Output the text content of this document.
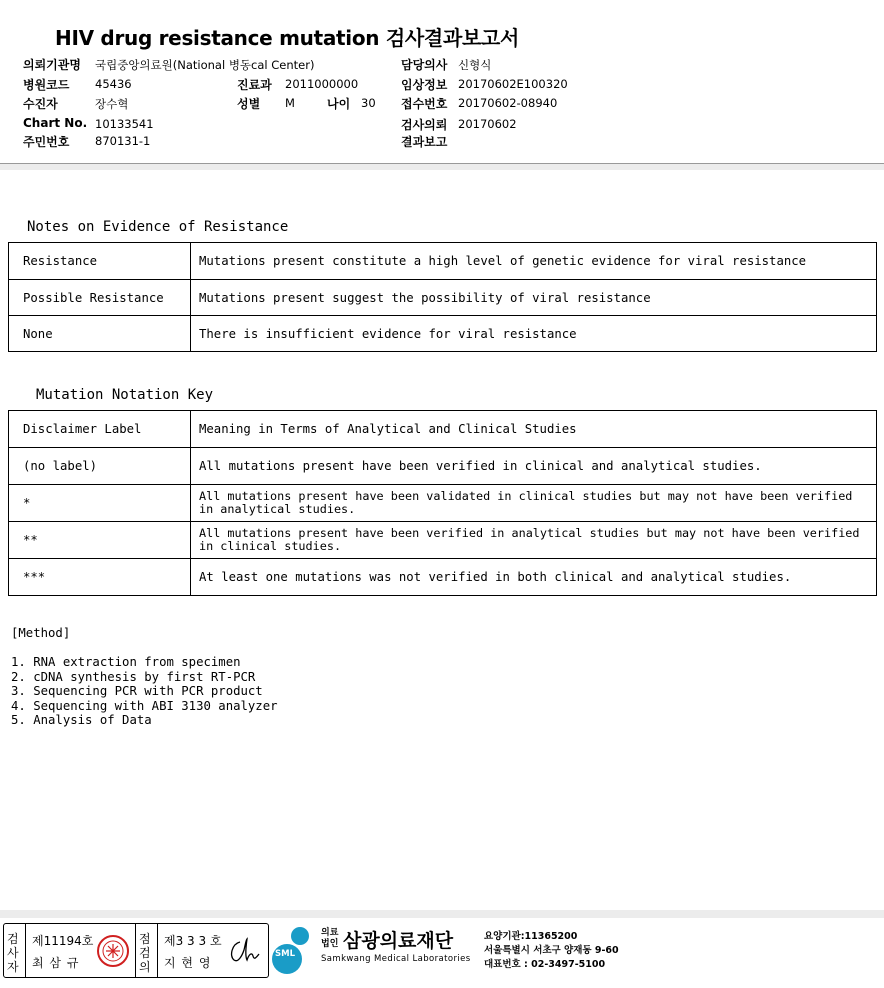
HIV drug resistance mutation 검사결과보고서
의뢰기관명 국립중앙의료원(National 병동cal Center)
병원코드 45436	진료과 2011000000
수진자	장수혁	성별 M	나이 30
Chart No. 10133541
주민번호 870131-1
담당의사 신형식
임상정보 20170602E100320
접수번호 20170602-08940
검사의뢰 20170602
결과보고
Notes on Evidence of Resistance
Resistance	Mutations present constitute a high level of genetic evidence for viral resistance
Possible Resistance	Mutations present suggest the possibility of viral resistance
None	There is insufficient evidence for viral resistance
Mutation Notation Key
Disclaimer Label	Meaning in Terms of Analytical and Clinical Studies
(no label)	All mutations present have been verified in clinical and analytical studies.
*	All mutations present have been validated in clinical studies but may not have been verified in analytical studies.
**	All mutations present have been verified in analytical studies but may not have been verified in clinical studies.
***	At least one mutations was not verified in both clinical and analytical studies.
[Method]
1. RNA extraction from specimen
2. cDNA synthesis by first RT-PCR
3. Sequencing PCR with PCR product
4. Sequencing with ABI 3130 analyzer
5. Analysis of Data
검사자
제11194호
최 삼 규
점검의
제3 3 3 호
지 현 영
SML
의료법인 삼광의료재단
Samkwang Medical Laboratories
요양기관:11365200
서울특별시 서초구 양재동 9-60
대표번호 : 02-3497-5100
